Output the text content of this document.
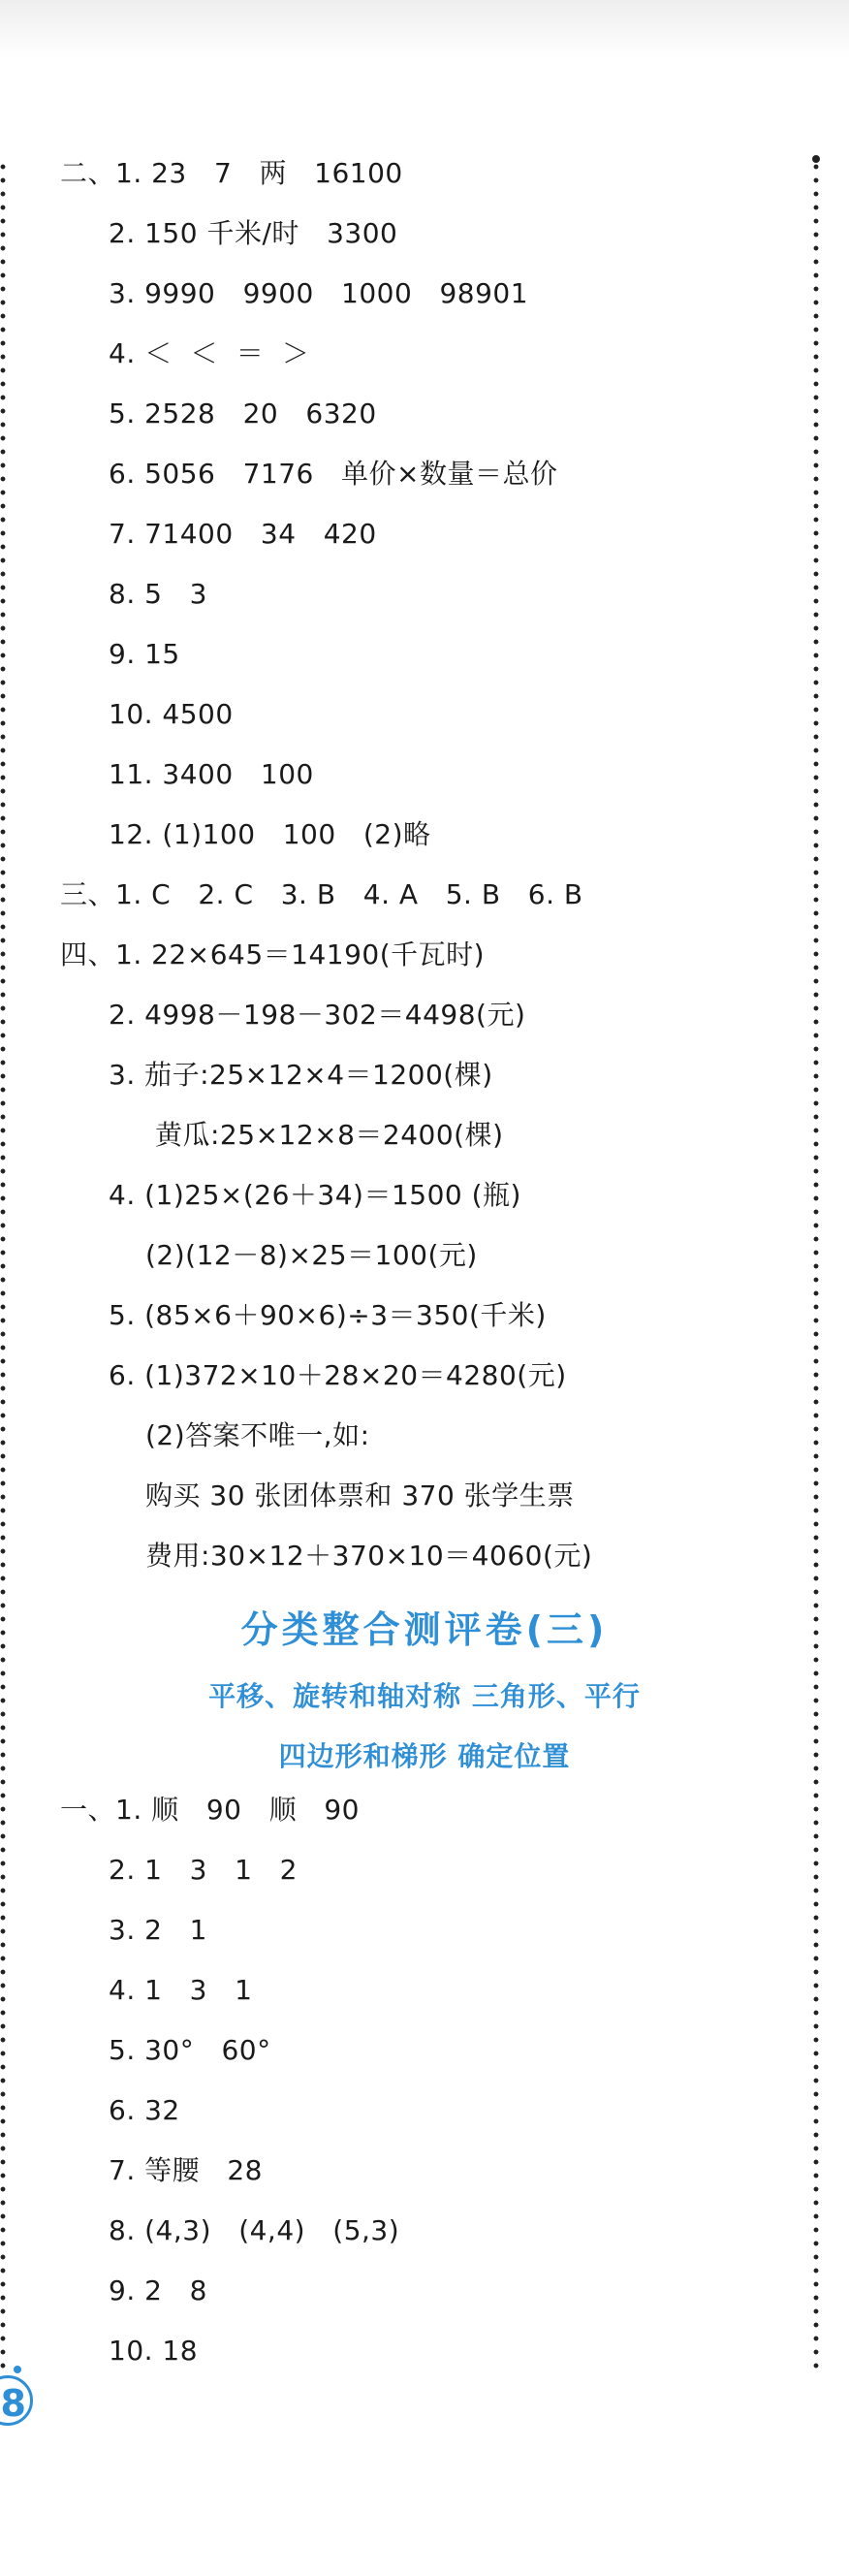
二、1. 23   7   两   16100
2. 150 千米/时   3300
3. 9990   9900   1000   98901
4. ＜  ＜  ＝  ＞
5. 2528   20   6320
6. 5056   7176   单价×数量＝总价
7. 71400   34   420
8. 5   3
9. 15
10. 4500
11. 3400   100
12. (1)100   100   (2)略
三、1. C   2. C   3. B   4. A   5. B   6. B
四、1. 22×645＝14190(千瓦时)
2. 4998－198－302＝4498(元)
3. 茄子:25×12×4＝1200(棵)
黄瓜:25×12×8＝2400(棵)
4. (1)25×(26＋34)＝1500 (瓶)
(2)(12－8)×25＝100(元)
5. (85×6＋90×6)÷3＝350(千米)
6. (1)372×10＋28×20＝4280(元)
(2)答案不唯一,如:
购买 30 张团体票和 370 张学生票
费用:30×12＋370×10＝4060(元)
分类整合测评卷(三)
平移、旋转和轴对称 三角形、平行
四边形和梯形 确定位置
一、1. 顺   90   顺   90
2. 1   3   1   2
3. 2   1
4. 1   3   1
5. 30°   60°
6. 32
7. 等腰   28
8. (4,3)   (4,4)   (5,3)
9. 2   8
10. 18
8
